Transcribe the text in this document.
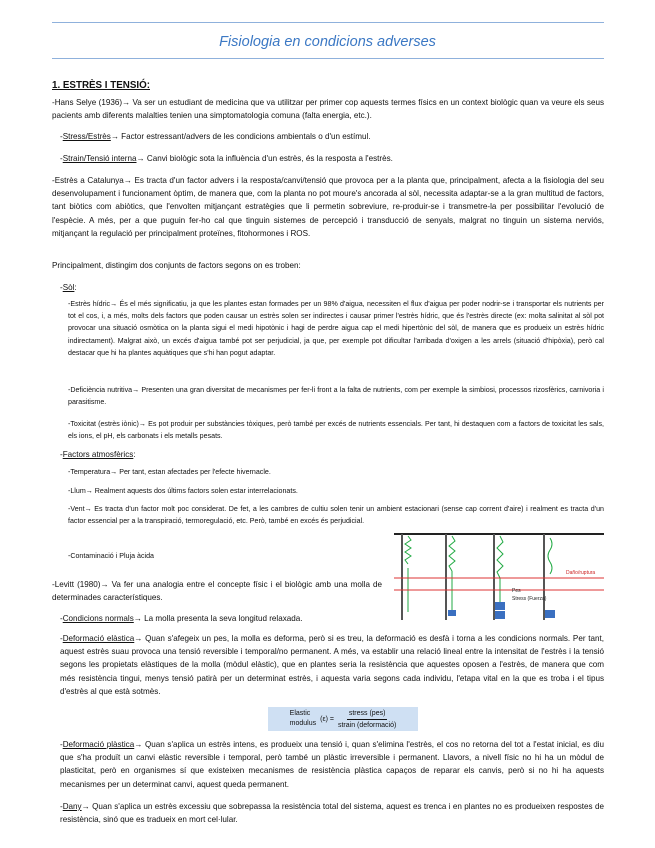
Fisiologia en condicions adverses
1. ESTRÈS I TENSIÓ:

-Hans Selye (1936)→ Va ser un estudiant de medicina que va utilitzar per primer cop aquests termes físics en un context biològic quan va veure els seus pacients amb diferents malalties tenien una simptomatologia comuna (falta energia, etc.).

-Stress/Estrès→ Factor estressant/advers de les condicions ambientals o d'un estímul.

-Strain/Tensió interna→ Canvi biològic sota la influència d'un estrès, és la resposta a l'estrès.

-Estrès a Catalunya→ Es tracta d'un factor advers i la resposta/canvi/tensió que provoca per a la planta que, principalment, afecta a la fisiologia del seu desenvolupament i funcionament òptim, de manera que, com la planta no pot moure's ancorada al sòl, necessita adaptar-se a la gran multitud de factors, tant biòtics com abiòtics, que l'envolten mitjançant estratègies que li permetin sobreviure, re-produir-se i transmetre-la per possibilitar l'evolució de l'espècie. A més, per a que puguin fer-ho cal que tinguin sistemes de percepció i transducció de senyals, malgrat no tinguin un sistema nerviós, mitjançant la regulació per principalment proteïnes, fitohormones i ROS.

Principalment, distingim dos conjunts de factors segons on es troben:

-Sòl:

-Estrès hídric→ És el més significatiu, ja que les plantes estan formades per un 98% d'aigua, necessiten el flux d'aigua per poder nodrir-se i transportar els nutrients per tot el cos, i, a més, molts dels factors que poden causar un estrès solen ser indirectes i causar primer l'estrès hídric, que és l'estrès directe (ex: molta salinitat al sòl pot provocar una situació osmòtica on la planta sigui el medi hipotònic i hagi de perdre aigua cap el medi hipertònic del sòl, de manera que es produeix un estrès hídric indirectament). Malgrat això, un excés d'aigua també pot ser perjudicial, ja que, per exemple pot dificultar l'arribada d'oxigen a les arrels (situació d'hipòxia), però cal destacar que hi ha plantes aquàtiques que s'hi han pogut adaptar.

-Deficiència nutritiva→ Presenten una gran diversitat de mecanismes per fer-li front a la falta de nutrients, com per exemple la simbiosi, processos rizosfèrics, carnivoria i parasitisme.

-Toxicitat (estrès iònic)→ Es pot produir per substàncies tòxiques, però també per excés de nutrients essencials. Per tant, hi destaquen com a factors de toxicitat les sals, els ions, el pH, els carbonats i els metalls pesats.

-Factors atmosfèrics:

-Temperatura→ Per tant, estan afectades per l'efecte hivernacle.

-Llum→ Realment aquests dos últims factors solen estar interrelacionats.

-Vent→ Es tracta d'un factor molt poc considerat. De fet, a les cambres de cultiu solen tenir un ambient estacionari (sense cap corrent d'aire) i realment es tracta d'un factor essencial per a la transpiració, termoregulació, etc. Però, també en excés és perjudicial.

-Contaminació i Pluja àcida

-Levitt (1980)→ Va fer una analogia entre el concepte físic i el biològic amb una molla de determinades característiques.

-Condicions normals→ La molla presenta la seva longitud relaxada.

-Deformació elàstica→ Quan s'afegeix un pes, la molla es deforma, però si es treu, la deformació es desfà i torna a les condicions normals. Per tant, aquest estrès suau provoca una tensió reversible i temporal/no permanent. A més, va establir una relació lineal entre la intensitat de l'estrès i la tensió segons les propietats elàstiques de la molla (mòdul elàstic), que en plantes seria la resistència que aquestes oposen a l'estrès, de manera que com més resistència tingui, menys tensió patirà per un determinat estrès, i aquesta varia segons cada individu, l'etapa vital en la que es troba i el tipus d'estrès al que està sotmès.

Elastic
modulus
$(\varepsilon) = \frac{\text{stress (pes)}}{\text{strain (deformació)}}$

-Deformació plàstica→ Quan s'aplica un estrès intens, es produeix una tensió i, quan s'elimina l'estrès, el cos no retorna del tot a l'estat inicial, es diu que s'ha produït un canvi elàstic reversible i temporal, però també un plàstic irreversible i permanent. Llavors, a nivell físic no hi ha un mòdul de plasticitat, però en organismes sí que existeixen mecanismes de resistència plàstica capaços de reparar els canvis, però si no hi ha aquests mecanismes per un determinat canvi, aquest queda permanent.

-Dany→ Quan s'aplica un estrès excessiu que sobrepassa la resistència total del sistema, aquest es trenca i en plantes no es produeixen respostes de resistència, sinó que es tradueix en mort cel·lular.

Pes
Stress (Fuerza)
Daño/ruptura
